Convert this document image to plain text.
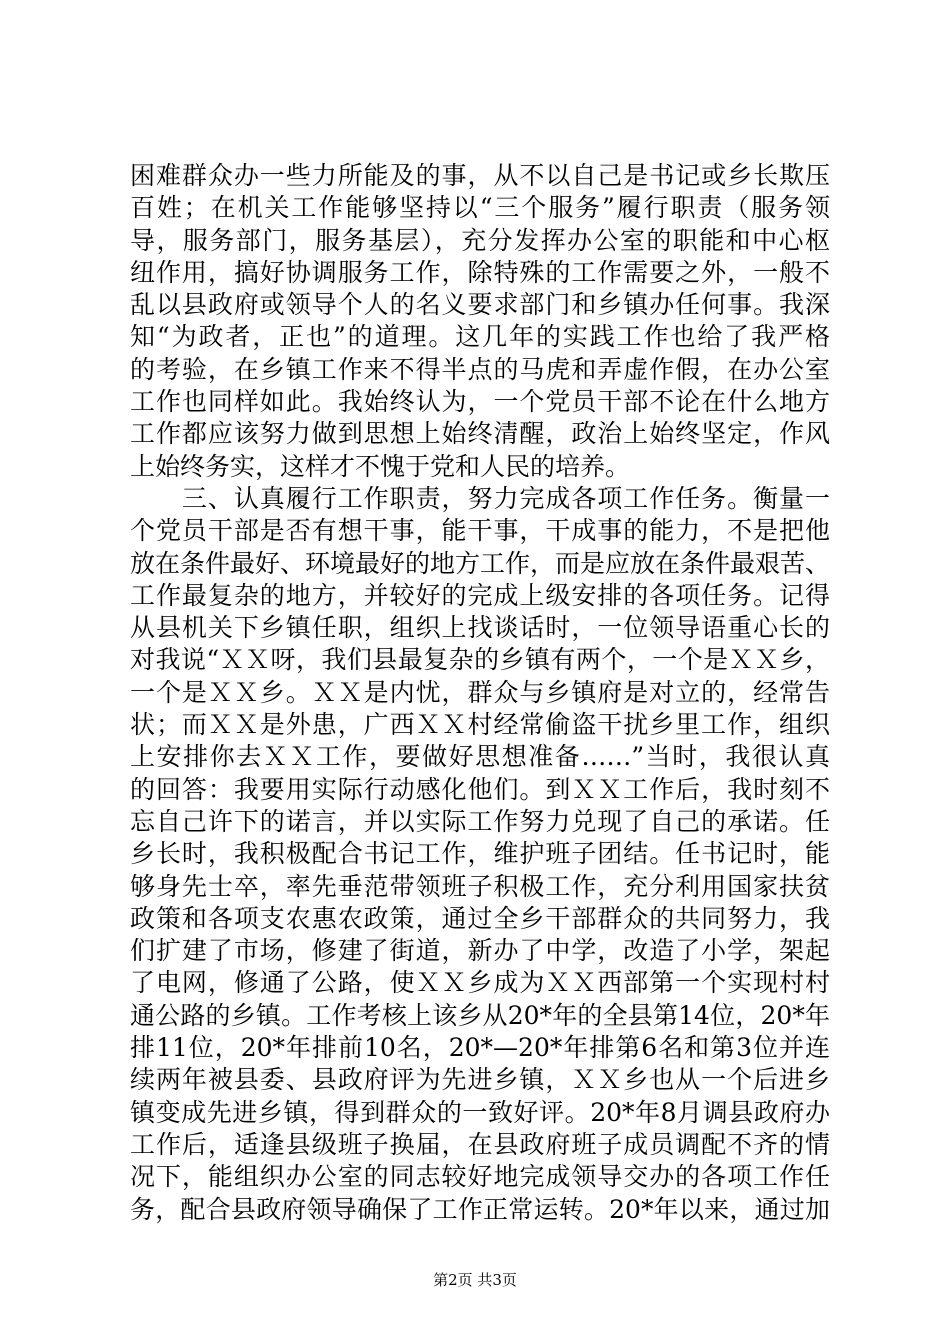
困难群众办一些力所能及的事，从不以自己是书记或乡长欺压
百姓；在机关工作能够坚持以“三个服务”履行职责（服务领
导，服务部门，服务基层），充分发挥办公室的职能和中心枢
纽作用，搞好协调服务工作，除特殊的工作需要之外，一般不
乱以县政府或领导个人的名义要求部门和乡镇办任何事。我深
知“为政者，正也”的道理。这几年的实践工作也给了我严格
的考验，在乡镇工作来不得半点的马虎和弄虚作假，在办公室
工作也同样如此。我始终认为，一个党员干部不论在什么地方
工作都应该努力做到思想上始终清醒，政治上始终坚定，作风
上始终务实，这样才不愧于党和人民的培养。
　　三、认真履行工作职责，努力完成各项工作任务。衡量一
个党员干部是否有想干事，能干事，干成事的能力，不是把他
放在条件最好、环境最好的地方工作，而是应放在条件最艰苦、
工作最复杂的地方，并较好的完成上级安排的各项任务。记得
从县机关下乡镇任职，组织上找谈话时，一位领导语重心长的
对我说“ＸＸ呀，我们县最复杂的乡镇有两个，一个是ＸＸ乡，
一个是ＸＸ乡。ＸＸ是内忧，群众与乡镇府是对立的，经常告
状；而ＸＸ是外患，广西ＸＸ村经常偷盗干扰乡里工作，组织
上安排你去ＸＸ工作，要做好思想准备……”当时，我很认真
的回答：我要用实际行动感化他们。到ＸＸ工作后，我时刻不
忘自己许下的诺言，并以实际工作努力兑现了自己的承诺。任
乡长时，我积极配合书记工作，维护班子团结。任书记时，能
够身先士卒，率先垂范带领班子积极工作，充分利用国家扶贫
政策和各项支农惠农政策，通过全乡干部群众的共同努力，我
们扩建了市场，修建了街道，新办了中学，改造了小学，架起
了电网，修通了公路，使ＸＸ乡成为ＸＸ西部第一个实现村村
通公路的乡镇。工作考核上该乡从20*年的全县第14位，20*年
排11位，20*年排前10名，20*—20*年排第6名和第3位并连
续两年被县委、县政府评为先进乡镇，ＸＸ乡也从一个后进乡
镇变成先进乡镇，得到群众的一致好评。20*年8月调县政府办
工作后，适逢县级班子换届，在县政府班子成员调配不齐的情
况下，能组织办公室的同志较好地完成领导交办的各项工作任
务，配合县政府领导确保了工作正常运转。20*年以来，通过加
第2页 共3页
